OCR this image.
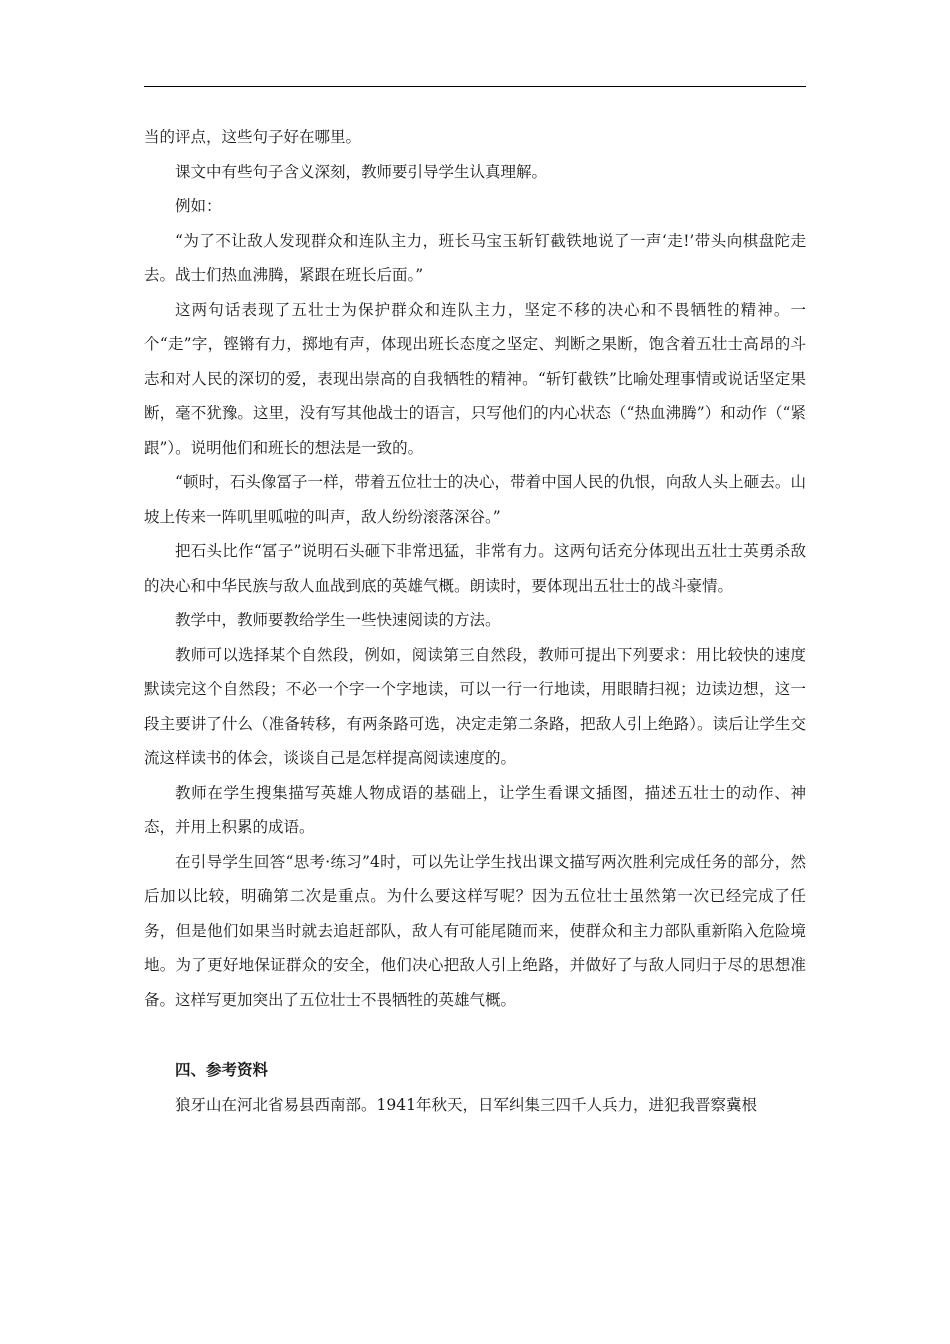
当的评点，这些句子好在哪里。

课文中有些句子含义深刻，教师要引导学生认真理解。

例如：

“为了不让敌人发现群众和连队主力，班长马宝玉斩钉截铁地说了一声‘走!’带头向棋盘陀走去。战士们热血沸腾，紧跟在班长后面。”

这两句话表现了五壮士为保护群众和连队主力，坚定不移的决心和不畏牺牲的精神。一个“走”字，铿锵有力，掷地有声，体现出班长态度之坚定、判断之果断，饱含着五壮士高昂的斗志和对人民的深切的爱，表现出崇高的自我牺牲的精神。“斩钉截铁”比喻处理事情或说话坚定果断，毫不犹豫。这里，没有写其他战士的语言，只写他们的内心状态（“热血沸腾”）和动作（“紧跟”）。说明他们和班长的想法是一致的。

“顿时，石头像冨子一样，带着五位壮士的决心，带着中国人民的仇恨，向敌人头上砸去。山坡上传来一阵叽里呱啦的叫声，敌人纷纷滚落深谷。”

把石头比作“冨子”说明石头砸下非常迅猛，非常有力。这两句话充分体现出五壮士英勇杀敌的决心和中华民族与敌人血战到底的英雄气概。朗读时，要体现出五壮士的战斗豪情。

教学中，教师要教给学生一些快速阅读的方法。

教师可以选择某个自然段，例如，阅读第三自然段，教师可提出下列要求：用比较快的速度默读完这个自然段；不必一个字一个字地读，可以一行一行地读，用眼睛扫视；边读边想，这一段主要讲了什么（准备转移，有两条路可选，决定走第二条路，把敌人引上绝路）。读后让学生交流这样读书的体会，谈谈自己是怎样提高阅读速度的。

教师在学生搜集描写英雄人物成语的基础上，让学生看课文插图，描述五壮士的动作、神态，并用上积累的成语。

在引导学生回答“思考·练习”4时，可以先让学生找出课文描写两次胜利完成任务的部分，然后加以比较，明确第二次是重点。为什么要这样写呢？因为五位壮士虽然第一次已经完成了任务，但是他们如果当时就去追赶部队，敌人有可能尾随而来，使群众和主力部队重新陷入危险境地。为了更好地保证群众的安全，他们决心把敌人引上绝路，并做好了与敌人同归于尽的思想准备。这样写更加突出了五位壮士不畏牺牲的英雄气概。

四、参考资料

狼牙山在河北省易县西南部。1941年秋天，日军纠集三四千人兵力，进犯我晋察冀根
